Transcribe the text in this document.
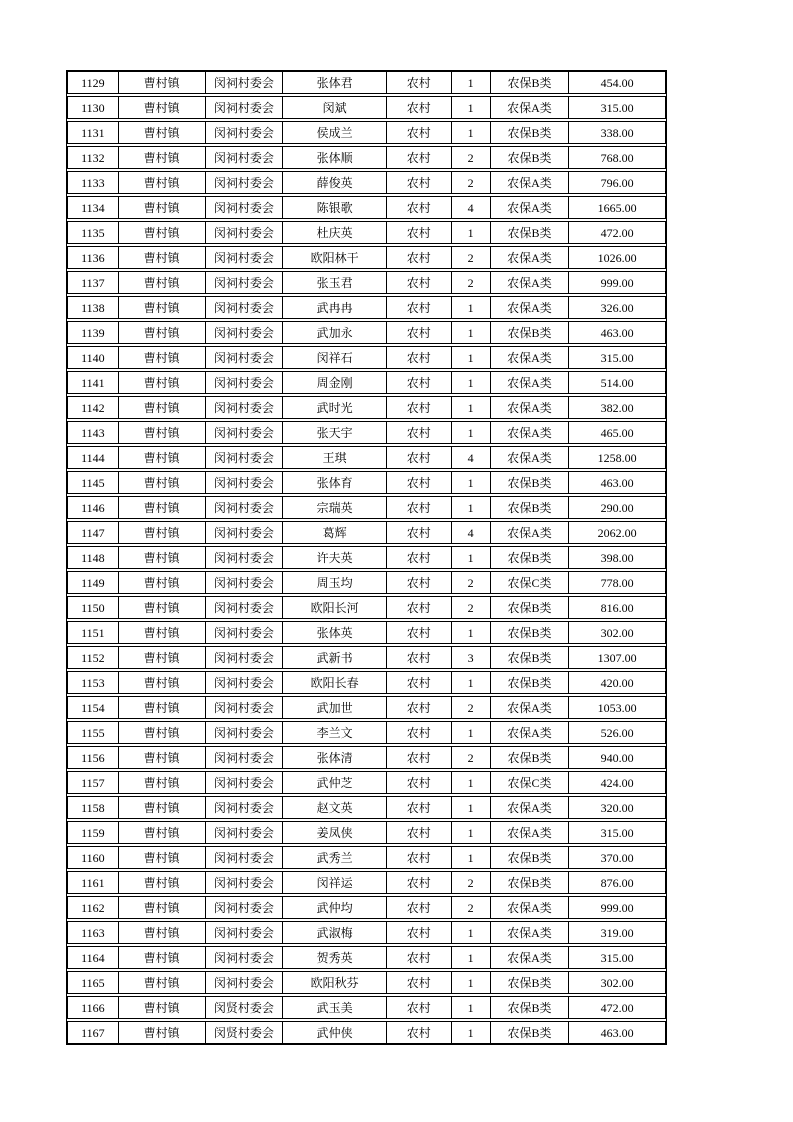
1129	曹村镇	闵祠村委会	张体君	农村	1	农保B类	454.00
1130	曹村镇	闵祠村委会	闵斌	农村	1	农保A类	315.00
1131	曹村镇	闵祠村委会	侯成兰	农村	1	农保B类	338.00
1132	曹村镇	闵祠村委会	张体顺	农村	2	农保B类	768.00
1133	曹村镇	闵祠村委会	薛俊英	农村	2	农保A类	796.00
1134	曹村镇	闵祠村委会	陈银歌	农村	4	农保A类	1665.00
1135	曹村镇	闵祠村委会	杜庆英	农村	1	农保B类	472.00
1136	曹村镇	闵祠村委会	欧阳林干	农村	2	农保A类	1026.00
1137	曹村镇	闵祠村委会	张玉君	农村	2	农保A类	999.00
1138	曹村镇	闵祠村委会	武冉冉	农村	1	农保A类	326.00
1139	曹村镇	闵祠村委会	武加永	农村	1	农保B类	463.00
1140	曹村镇	闵祠村委会	闵祥石	农村	1	农保A类	315.00
1141	曹村镇	闵祠村委会	周金刚	农村	1	农保A类	514.00
1142	曹村镇	闵祠村委会	武时光	农村	1	农保A类	382.00
1143	曹村镇	闵祠村委会	张天宇	农村	1	农保A类	465.00
1144	曹村镇	闵祠村委会	王琪	农村	4	农保A类	1258.00
1145	曹村镇	闵祠村委会	张体育	农村	1	农保B类	463.00
1146	曹村镇	闵祠村委会	宗瑞英	农村	1	农保B类	290.00
1147	曹村镇	闵祠村委会	葛辉	农村	4	农保A类	2062.00
1148	曹村镇	闵祠村委会	许夫英	农村	1	农保B类	398.00
1149	曹村镇	闵祠村委会	周玉均	农村	2	农保C类	778.00
1150	曹村镇	闵祠村委会	欧阳长河	农村	2	农保B类	816.00
1151	曹村镇	闵祠村委会	张体英	农村	1	农保B类	302.00
1152	曹村镇	闵祠村委会	武新书	农村	3	农保B类	1307.00
1153	曹村镇	闵祠村委会	欧阳长春	农村	1	农保B类	420.00
1154	曹村镇	闵祠村委会	武加世	农村	2	农保A类	1053.00
1155	曹村镇	闵祠村委会	李兰文	农村	1	农保A类	526.00
1156	曹村镇	闵祠村委会	张体清	农村	2	农保B类	940.00
1157	曹村镇	闵祠村委会	武仲芝	农村	1	农保C类	424.00
1158	曹村镇	闵祠村委会	赵文英	农村	1	农保A类	320.00
1159	曹村镇	闵祠村委会	姜凤侠	农村	1	农保A类	315.00
1160	曹村镇	闵祠村委会	武秀兰	农村	1	农保B类	370.00
1161	曹村镇	闵祠村委会	闵祥运	农村	2	农保B类	876.00
1162	曹村镇	闵祠村委会	武仲均	农村	2	农保A类	999.00
1163	曹村镇	闵祠村委会	武淑梅	农村	1	农保A类	319.00
1164	曹村镇	闵祠村委会	贺秀英	农村	1	农保A类	315.00
1165	曹村镇	闵祠村委会	欧阳秋芬	农村	1	农保B类	302.00
1166	曹村镇	闵贤村委会	武玉美	农村	1	农保B类	472.00
1167	曹村镇	闵贤村委会	武仲侠	农村	1	农保B类	463.00
